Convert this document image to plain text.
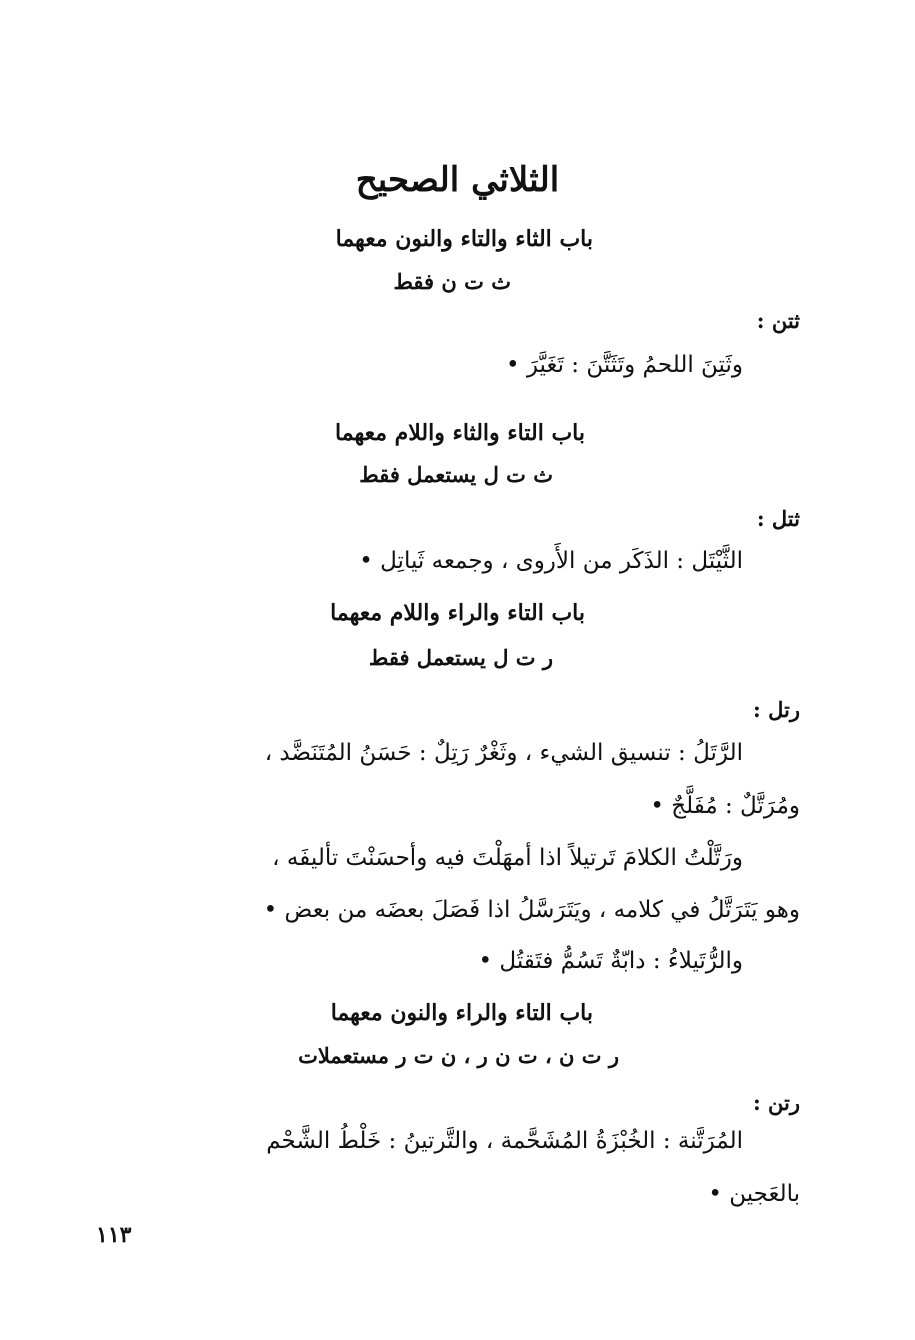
الثلاثي الصحيح
باب الثاء والتاء والنون معهما
ث ت ن فقط
ثتن :
وثَتِنَ اللحمُ وتَثَتَّنَ : تَغَيَّرَ •
باب التاء والثاء واللام معهما
ث ت ل يستعمل فقط
ثتل :
الثَّيْتَل : الذَكَر من الأَروى ، وجمعه ثَياتِل •
باب التاء والراء واللام معهما
ر ت ل يستعمل فقط
رتل :
الرَّتَلُ : تنسيق الشيء ، وثَغْرٌ رَتِلٌ : حَسَنُ المُتَنَضَّد ،
ومُرَتَّلٌ : مُفَلَّجٌ •
ورَتَّلْتُ الكلامَ تَرتيلاً اذا أمهَلْتَ فيه وأحسَنْتَ تأليفَه ،
وهو يَتَرَتَّلُ في كلامه ، ويَتَرَسَّلُ اذا فَصَلَ بعضَه من بعض •
والرُّتَيلاءُ : دابّةٌ تَسُمُّ فتَقتُل •
باب التاء والراء والنون معهما
ر ت ن ، ت ن ر ، ن ت ر مستعملات
رتن :
المُرَتَّنة : الخُبْزَةُ المُشَحَّمة ، والتَّرتينُ : خَلْطُ الشَّحْم
بالعَجين •
١١٣
